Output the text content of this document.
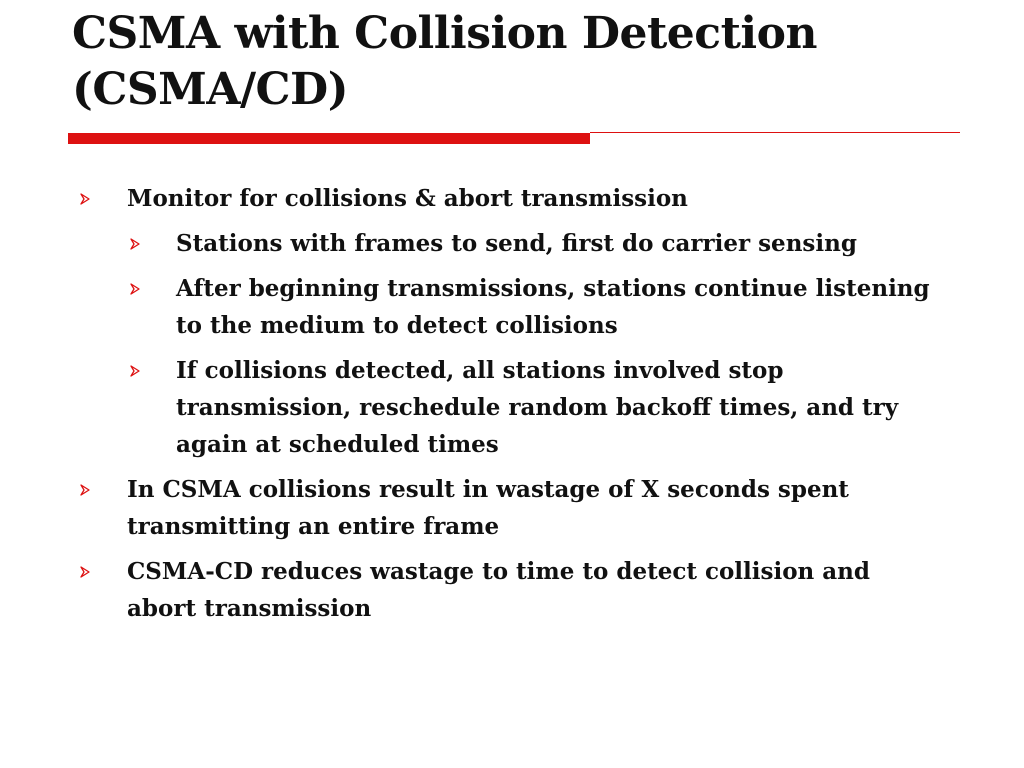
CSMA with Collision Detection
(CSMA/CD)
Monitor for collisions & abort transmission
Stations with frames to send, first do carrier sensing
After beginning transmissions, stations continue listening to the medium to detect collisions
If collisions detected, all stations involved stop transmission, reschedule random backoff times, and try again at scheduled times
In CSMA collisions result in wastage of X seconds spent transmitting an entire frame
CSMA-CD reduces wastage to time to detect collision and abort transmission
